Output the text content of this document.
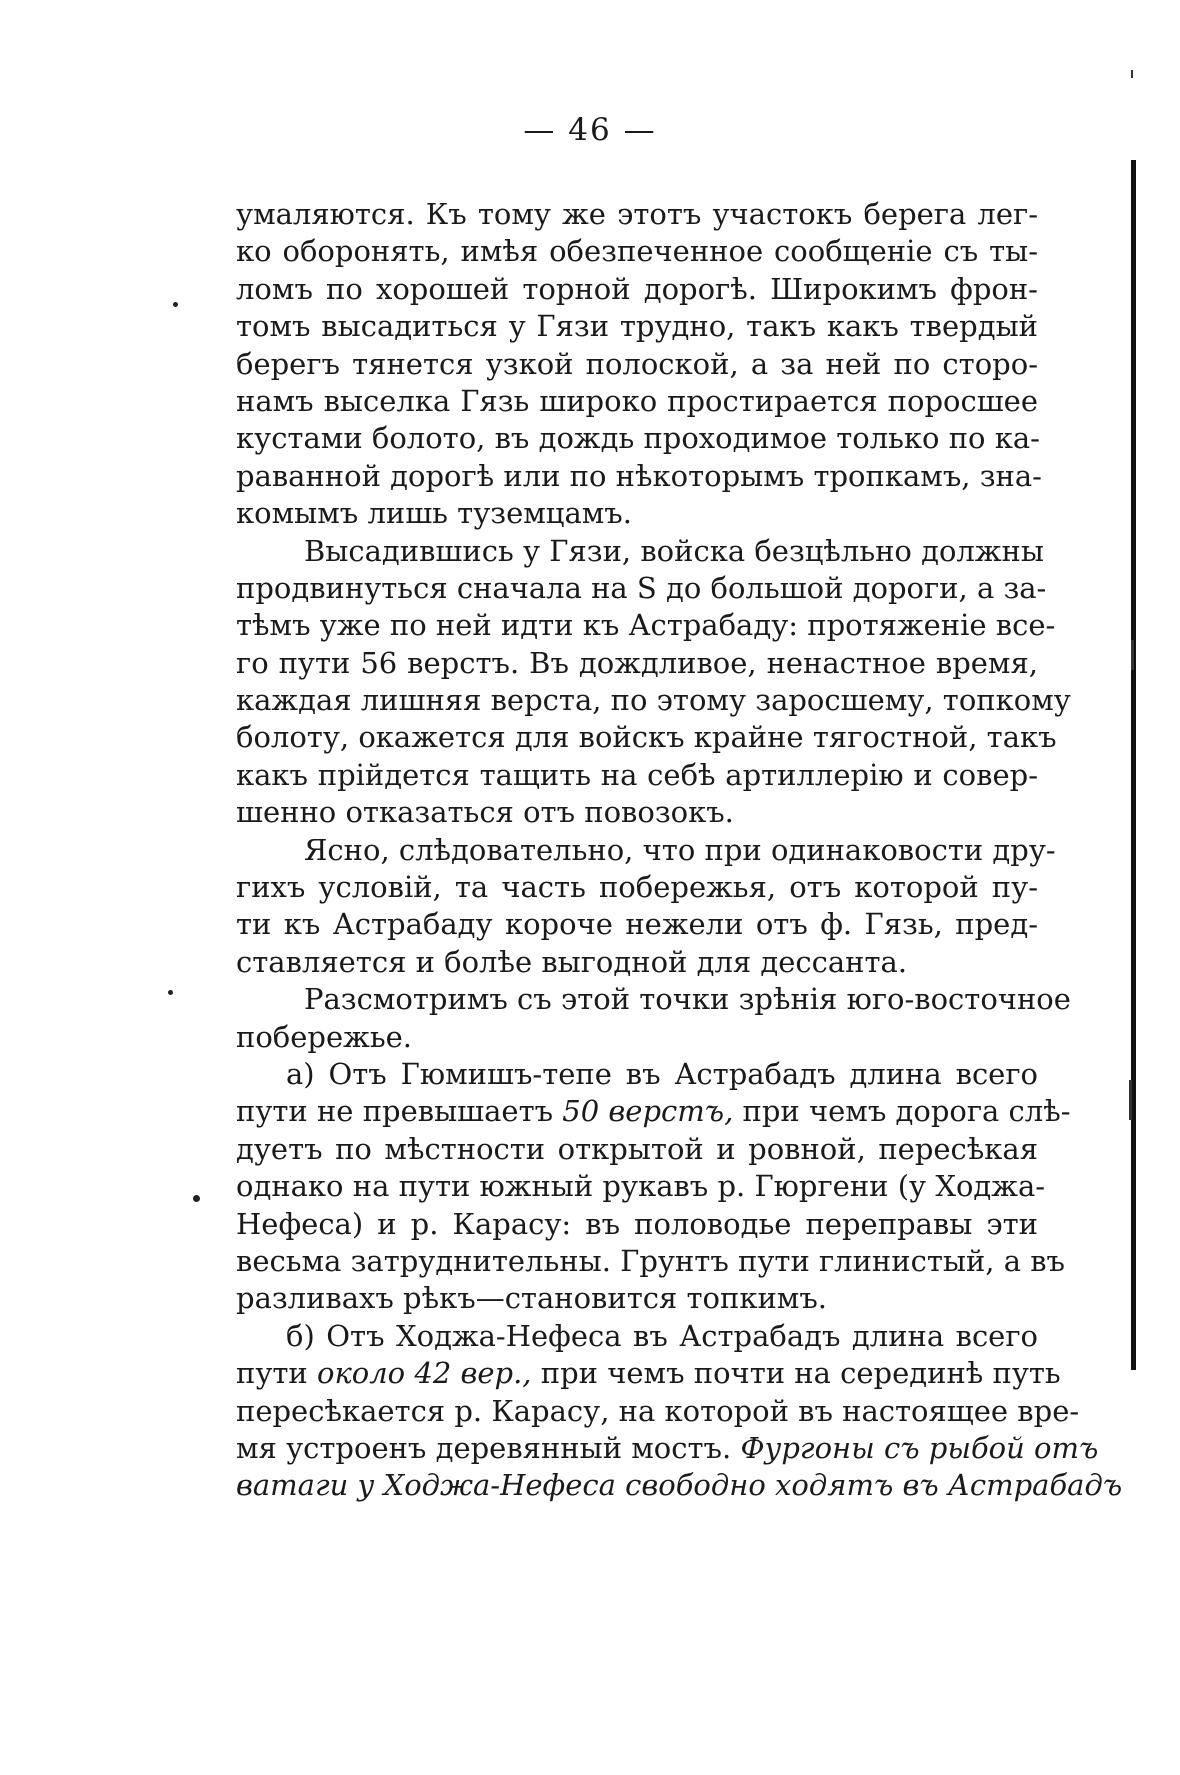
— 46 —
умаляются. Къ тому же этотъ участокъ берега лег-
ко оборонять, имѣя обезпеченное сообщеніе съ ты-
ломъ по хорошей торной дорогѣ. Широкимъ фрон-
томъ высадиться у Гязи трудно, такъ какъ твердый
берегъ тянется узкой полоской, а за ней по сторо-
намъ выселка Гязь широко простирается поросшее
кустами болото, въ дождь проходимое только по ка-
раванной дорогѣ или по нѣкоторымъ тропкамъ, зна-
комымъ лишь туземцамъ.
Высадившись у Гязи, войска безцѣльно должны
продвинуться сначала на S до большой дороги, а за-
тѣмъ уже по ней идти къ Астрабаду: протяженіе все-
го пути 56 верстъ. Въ дождливое, ненастное время,
каждая лишняя верста, по этому заросшему, топкому
болоту, окажется для войскъ крайне тягостной, такъ
какъ прійдется тащить на себѣ артиллерію и совер-
шенно отказаться отъ повозокъ.
Ясно, слѣдовательно, что при одинаковости дру-
гихъ условій, та часть побережья, отъ которой пу-
ти къ Астрабаду короче нежели отъ ф. Гязь, пред-
ставляется и болѣе выгодной для дессанта.
Разсмотримъ съ этой точки зрѣнія юго-восточное
побережье.
а) Отъ Гюмишъ-тепе въ Астрабадъ длина всего
пути не превышаетъ 50 верстъ, при чемъ дорога слѣ-
дуетъ по мѣстности открытой и ровной, пересѣкая
однако на пути южный рукавъ р. Гюргени (у Ходжа-
Нефеса) и р. Карасу: въ половодье переправы эти
весьма затруднительны. Грунтъ пути глинистый, а въ
разливахъ рѣкъ—становится топкимъ.
б) Отъ Ходжа-Нефеса въ Астрабадъ длина всего
пути около 42 вер., при чемъ почти на серединѣ путь
пересѣкается р. Карасу, на которой въ настоящее вре-
мя устроенъ деревянный мостъ. Фургоны съ рыбой отъ
ватаги у Ходжа-Нефеса свободно ходятъ въ Астрабадъ
